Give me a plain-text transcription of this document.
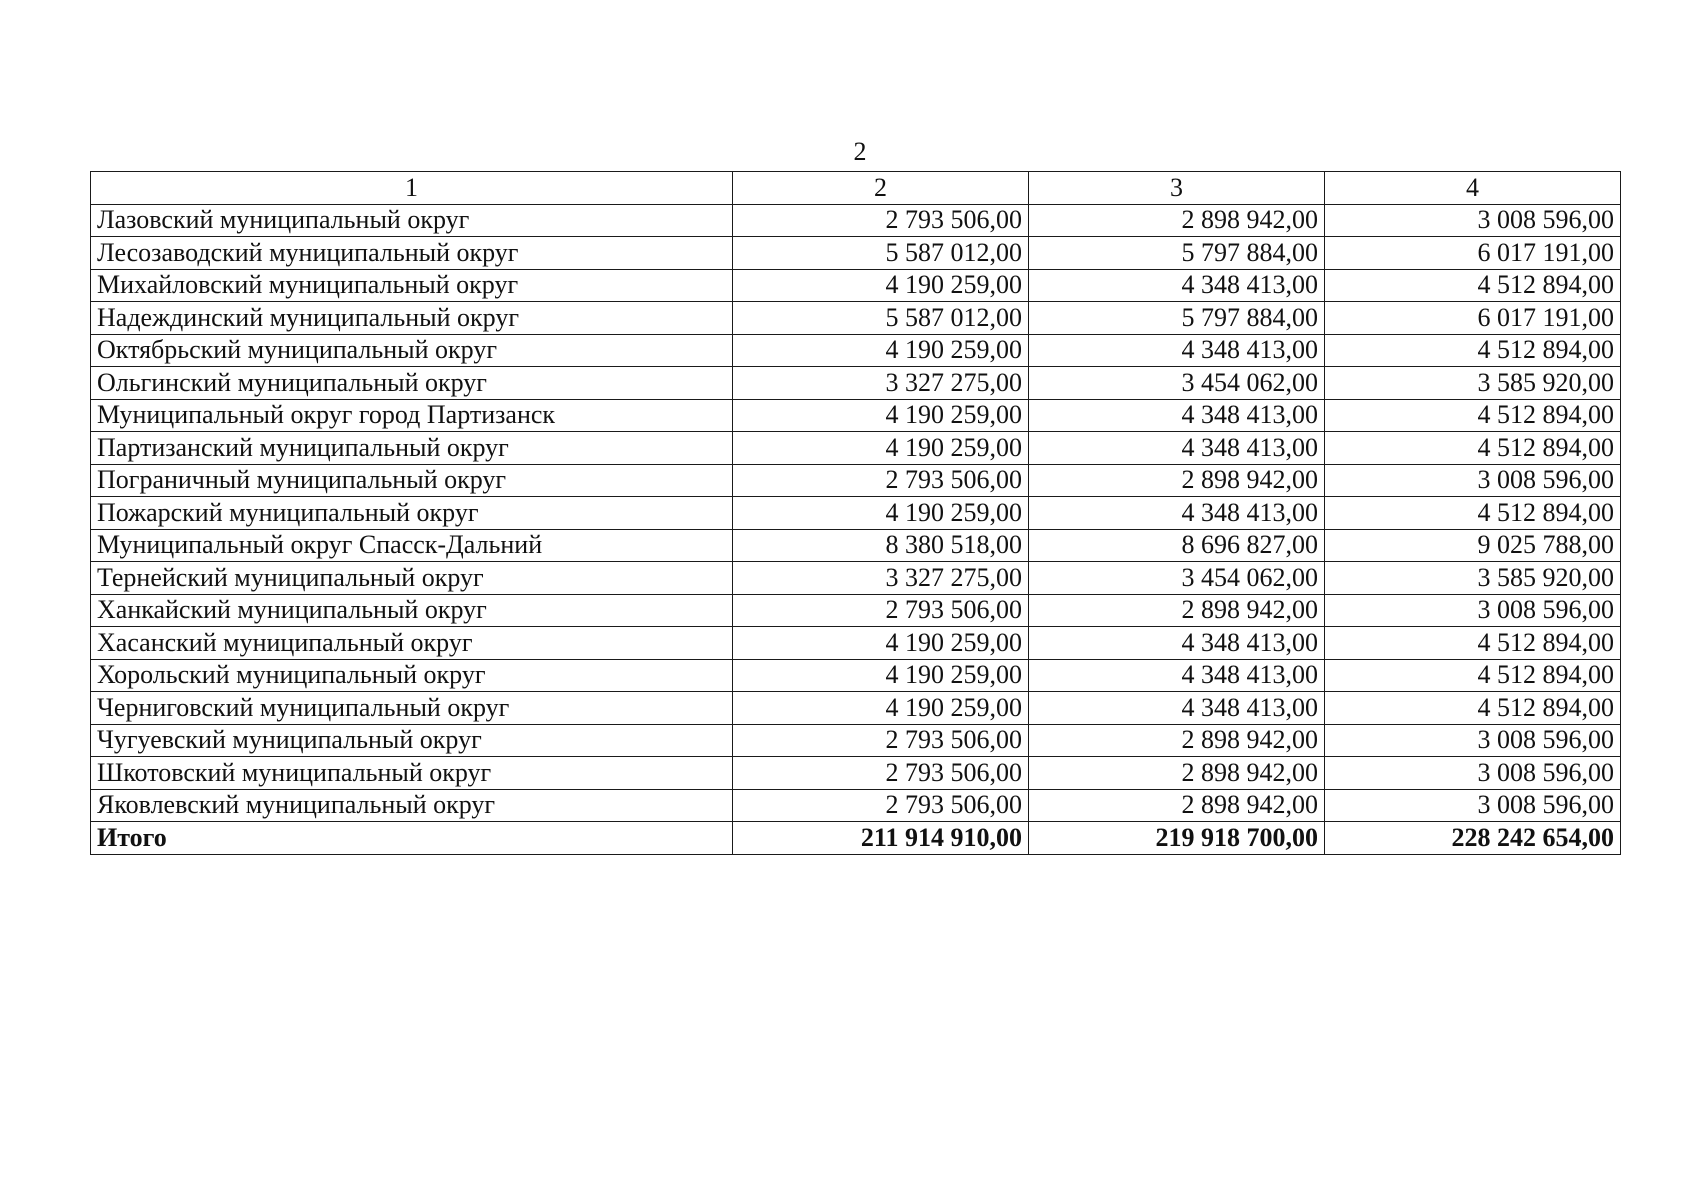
2
1	2	3	4
Лазовский муниципальный округ	2 793 506,00	2 898 942,00	3 008 596,00
Лесозаводский муниципальный округ	5 587 012,00	5 797 884,00	6 017 191,00
Михайловский муниципальный округ	4 190 259,00	4 348 413,00	4 512 894,00
Надеждинский муниципальный округ	5 587 012,00	5 797 884,00	6 017 191,00
Октябрьский муниципальный округ	4 190 259,00	4 348 413,00	4 512 894,00
Ольгинский муниципальный округ	3 327 275,00	3 454 062,00	3 585 920,00
Муниципальный округ город Партизанск	4 190 259,00	4 348 413,00	4 512 894,00
Партизанский муниципальный округ	4 190 259,00	4 348 413,00	4 512 894,00
Пограничный муниципальный округ	2 793 506,00	2 898 942,00	3 008 596,00
Пожарский муниципальный округ	4 190 259,00	4 348 413,00	4 512 894,00
Муниципальный округ Спасск-Дальний	8 380 518,00	8 696 827,00	9 025 788,00
Тернейский муниципальный округ	3 327 275,00	3 454 062,00	3 585 920,00
Ханкайский муниципальный округ	2 793 506,00	2 898 942,00	3 008 596,00
Хасанский муниципальный округ	4 190 259,00	4 348 413,00	4 512 894,00
Хорольский муниципальный округ	4 190 259,00	4 348 413,00	4 512 894,00
Черниговский муниципальный округ	4 190 259,00	4 348 413,00	4 512 894,00
Чугуевский муниципальный округ	2 793 506,00	2 898 942,00	3 008 596,00
Шкотовский муниципальный округ	2 793 506,00	2 898 942,00	3 008 596,00
Яковлевский муниципальный округ	2 793 506,00	2 898 942,00	3 008 596,00
Итого	211 914 910,00	219 918 700,00	228 242 654,00
